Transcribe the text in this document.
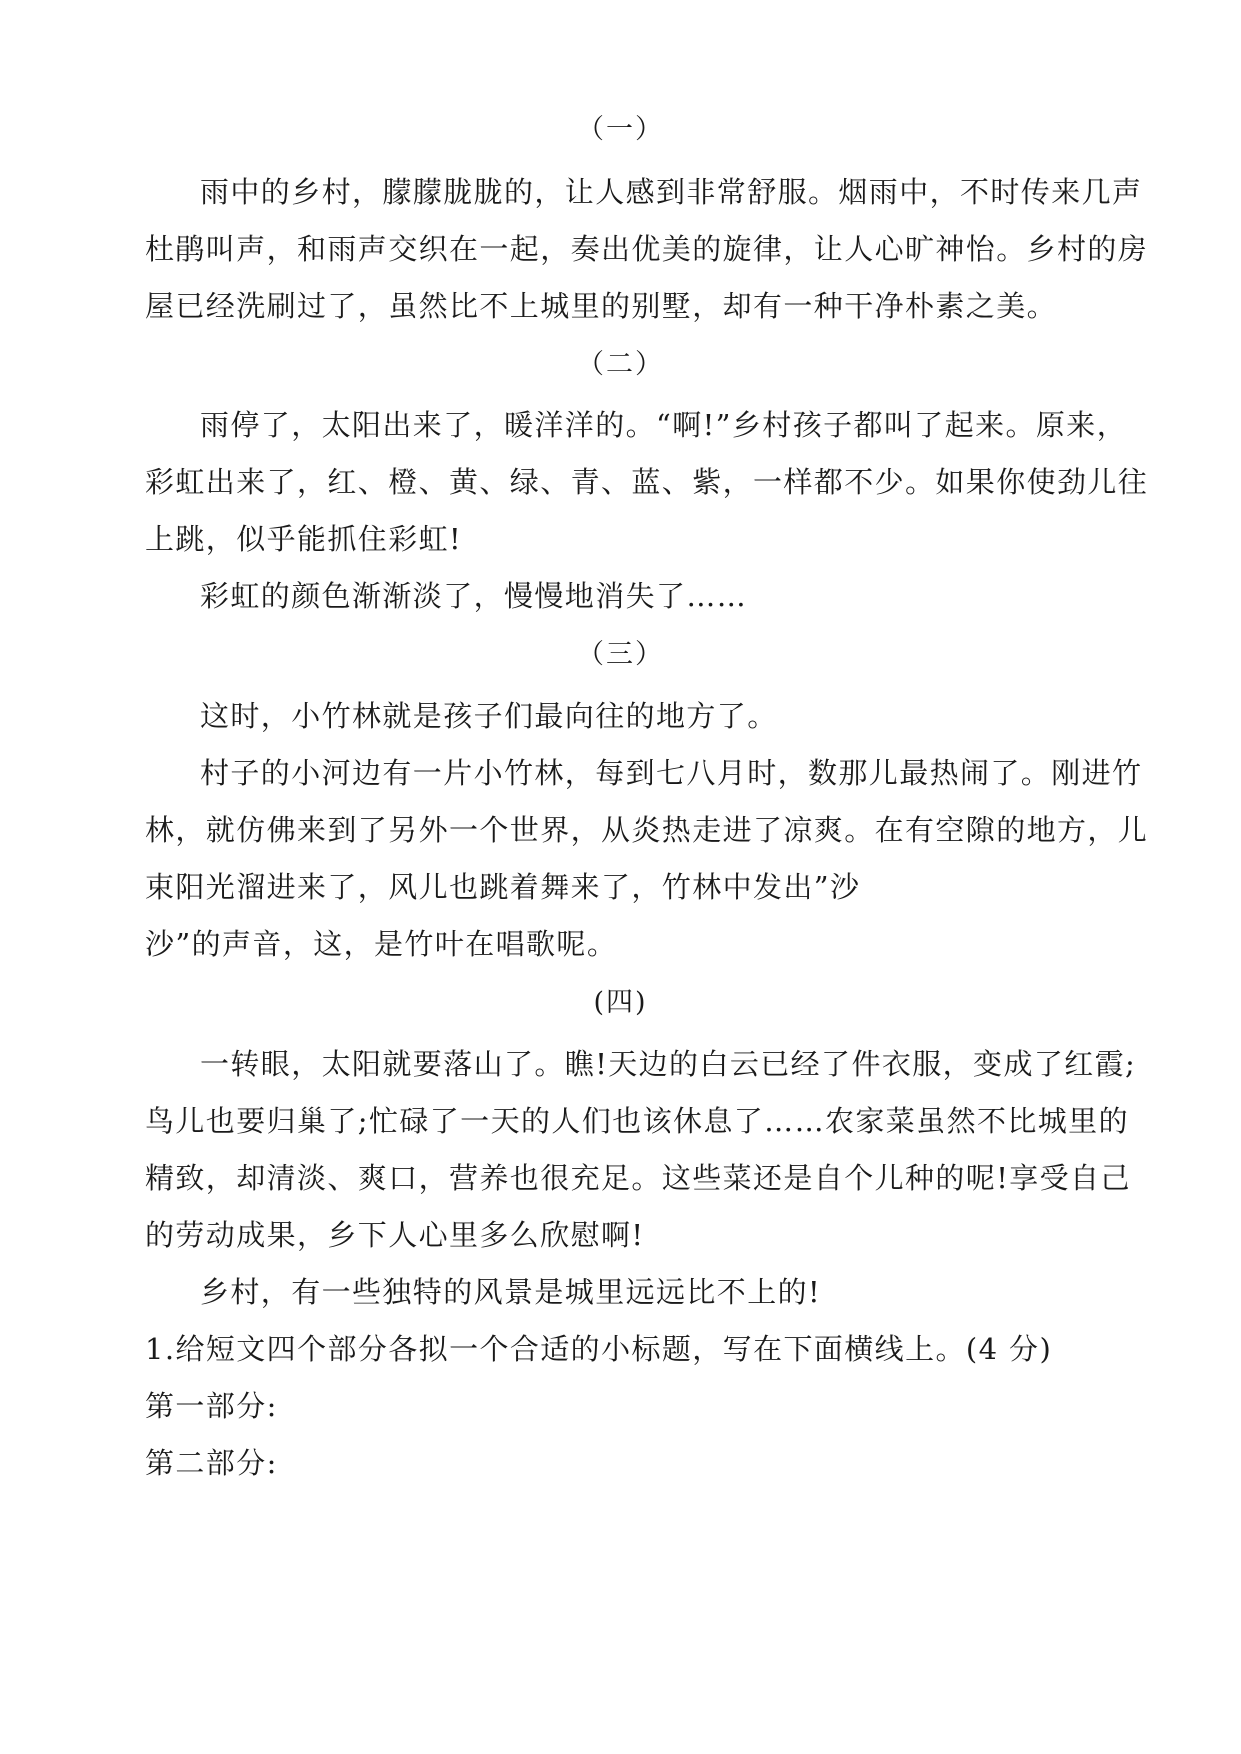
（一）
雨中的乡村，朦朦胧胧的，让人感到非常舒服。烟雨中，不时传来几声
杜鹃叫声，和雨声交织在一起，奏出优美的旋律，让人心旷神怡。乡村的房
屋已经洗刷过了，虽然比不上城里的别墅，却有一种干净朴素之美。
（二）
雨停了，太阳出来了，暖洋洋的。“啊!”乡村孩子都叫了起来。原来，
彩虹出来了，红、橙、黄、绿、青、蓝、紫，一样都不少。如果你使劲儿往
上跳，似乎能抓住彩虹!
彩虹的颜色渐渐淡了，慢慢地消失了……
（三）
这时，小竹林就是孩子们最向往的地方了。
村子的小河边有一片小竹林，每到七八月时，数那儿最热闹了。刚进竹
林，就仿佛来到了另外一个世界，从炎热走进了凉爽。在有空隙的地方，儿
束阳光溜进来了，风儿也跳着舞来了，竹林中发出”沙
沙”的声音，这，是竹叶在唱歌呢。
(四)
一转眼，太阳就要落山了。瞧!天边的白云已经了件衣服，变成了红霞;
鸟儿也要归巢了;忙碌了一天的人们也该休息了……农家菜虽然不比城里的
精致，却清淡、爽口，营养也很充足。这些菜还是自个儿种的呢!享受自己
的劳动成果，乡下人心里多么欣慰啊!
乡村，有一些独特的风景是城里远远比不上的!
1.给短文四个部分各拟一个合适的小标题，写在下面横线上。(4 分)
第一部分:
第二部分:
